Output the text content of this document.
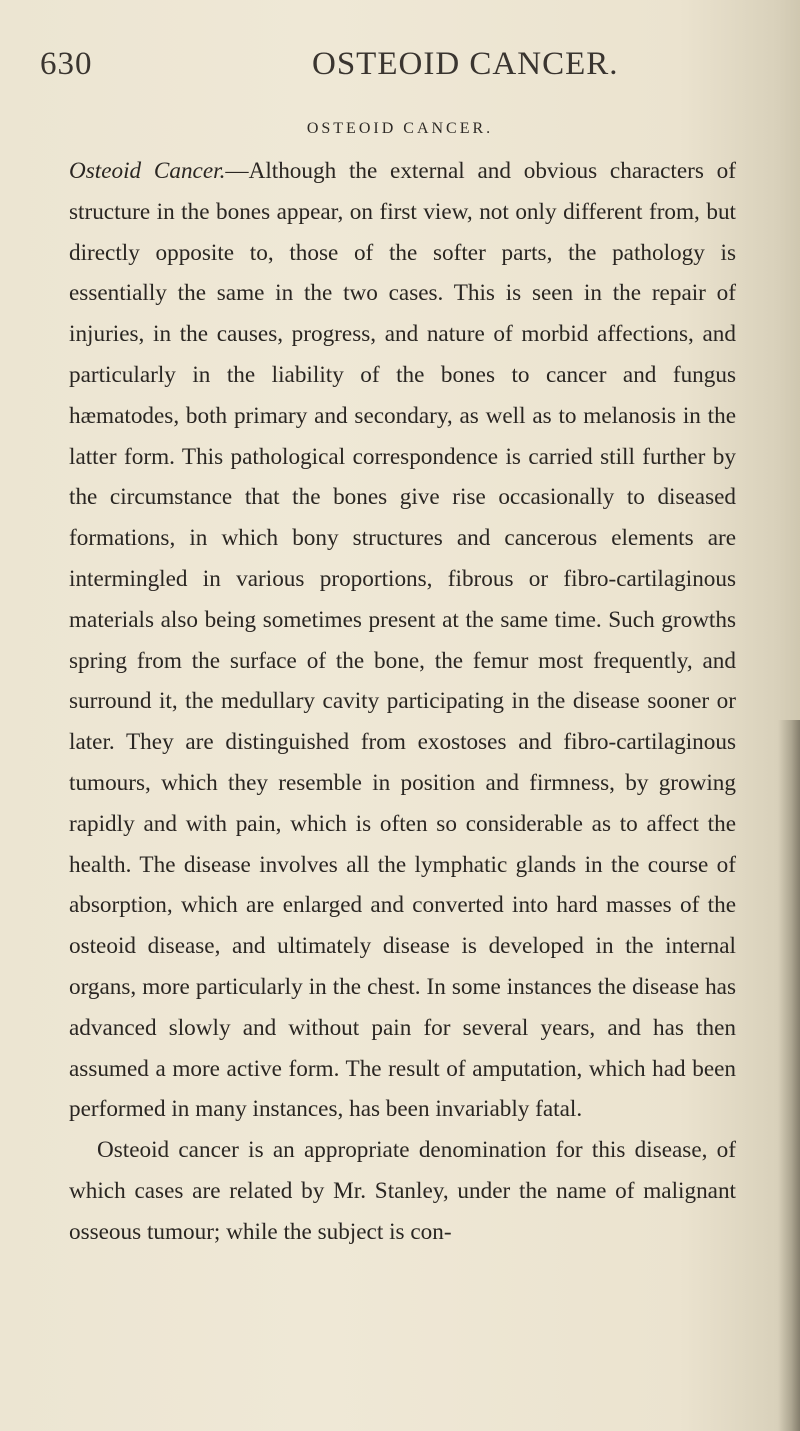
630	OSTEOID CANCER.
OSTEOID CANCER.

Osteoid Cancer.—Although the external and obvious characters of structure in the bones appear, on first view, not only different from, but directly opposite to, those of the softer parts, the pathology is essentially the same in the two cases. This is seen in the repair of injuries, in the causes, progress, and nature of morbid affections, and particularly in the liability of the bones to cancer and fungus hæmatodes, both primary and secondary, as well as to melanosis in the latter form. This pathological correspondence is carried still further by the circumstance that the bones give rise occasionally to diseased formations, in which bony structures and cancerous elements are intermingled in various proportions, fibrous or fibro-cartilaginous materials also being sometimes present at the same time. Such growths spring from the surface of the bone, the femur most frequently, and surround it, the medullary cavity participating in the disease sooner or later. They are distinguished from exostoses and fibro-cartilaginous tumours, which they resemble in position and firmness, by growing rapidly and with pain, which is often so considerable as to affect the health. The disease involves all the lymphatic glands in the course of absorption, which are enlarged and converted into hard masses of the osteoid disease, and ultimately disease is developed in the internal organs, more particularly in the chest. In some instances the disease has advanced slowly and without pain for several years, and has then assumed a more active form. The result of amputation, which had been performed in many instances, has been invariably fatal.

Osteoid cancer is an appropriate denomination for this disease, of which cases are related by Mr. Stanley, under the name of malignant osseous tumour; while the subject is con-
